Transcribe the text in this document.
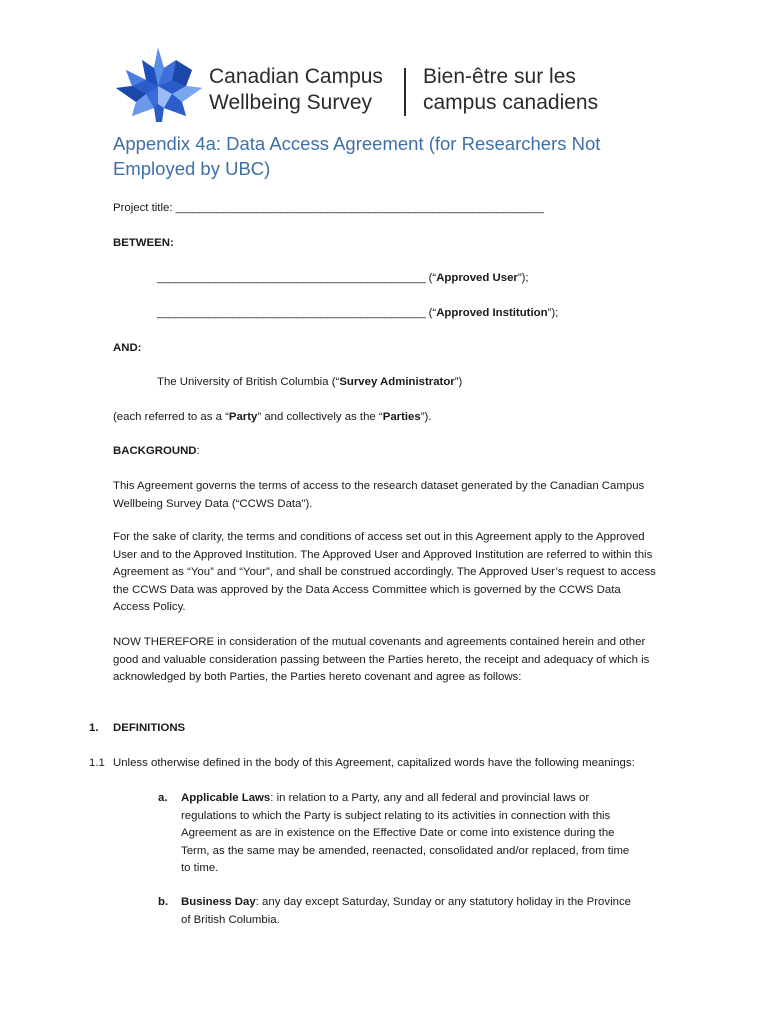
Canadian Campus
Wellbeing Survey
Bien-être sur les
campus canadiens
Appendix 4a: Data Access Agreement (for Researchers Not
Employed by UBC)

Project title: _______________________________________________________________

BETWEEN:

______________________________________________ (“Approved User”);

______________________________________________ (“Approved Institution”);

AND:

The University of British Columbia (“Survey Administrator”)

(each referred to as a “Party” and collectively as the “Parties”).

BACKGROUND:

This Agreement governs the terms of access to the research dataset generated by the Canadian Campus Wellbeing Survey Data (“CCWS Data").

For the sake of clarity, the terms and conditions of access set out in this Agreement apply to the Approved User and to the Approved Institution. The Approved User and Approved Institution are referred to within this Agreement as “You” and “Your”, and shall be construed accordingly. The Approved User’s request to access the CCWS Data was approved by the Data Access Committee which is governed by the CCWS Data Access Policy.

NOW THEREFORE in consideration of the mutual covenants and agreements contained herein and other good and valuable consideration passing between the Parties hereto, the receipt and adequacy of which is acknowledged by both Parties, the Parties hereto covenant and agree as follows:

1. DEFINITIONS
1.1 Unless otherwise defined in the body of this Agreement, capitalized words have the following meanings:
a.	Applicable Laws: in relation to a Party, any and all federal and provincial laws or regulations to which the Party is subject relating to its activities in connection with this Agreement as are in existence on the Effective Date or come into existence during the Term, as the same may be amended, reenacted, consolidated and/or replaced, from time to time.
b.	Business Day: any day except Saturday, Sunday or any statutory holiday in the Province of British Columbia.
